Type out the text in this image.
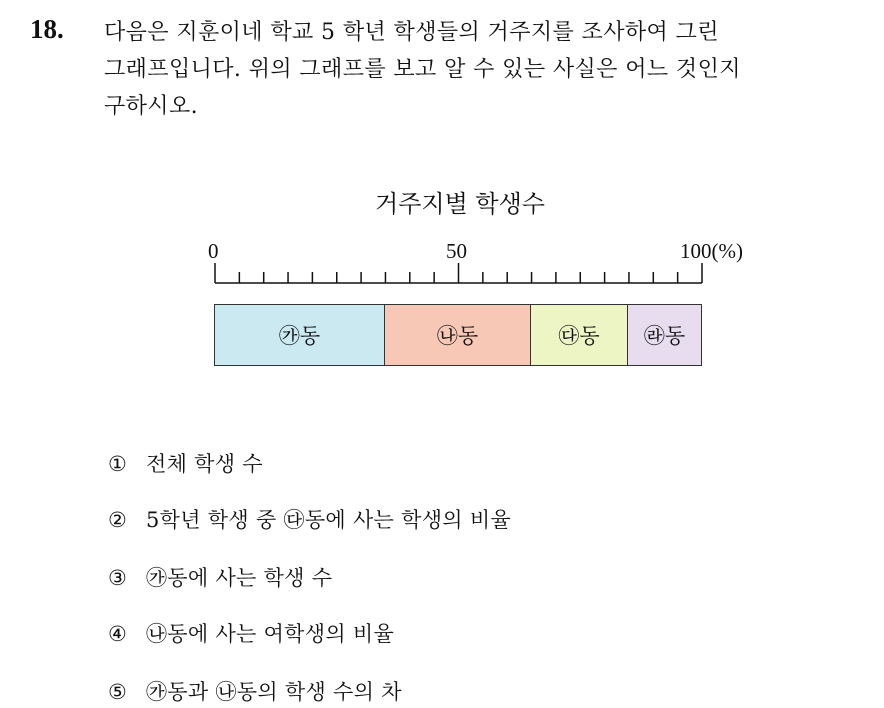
18. 다음은 지훈이네 학교 5 학년 학생들의 거주지를 조사하여 그린
그래프입니다. 위의 그래프를 보고 알 수 있는 사실은 어느 것인지
구하시오.
거주지별 학생수
0	50	100(%)
㉮동	㉯동	㉰동 ㉱동
① 전체 학생 수
② 5학년 학생 중 ㉰동에 사는 학생의 비율
③ ㉮동에 사는 학생 수
④ ㉯동에 사는 여학생의 비율
⑤ ㉮동과 ㉯동의 학생 수의 차
